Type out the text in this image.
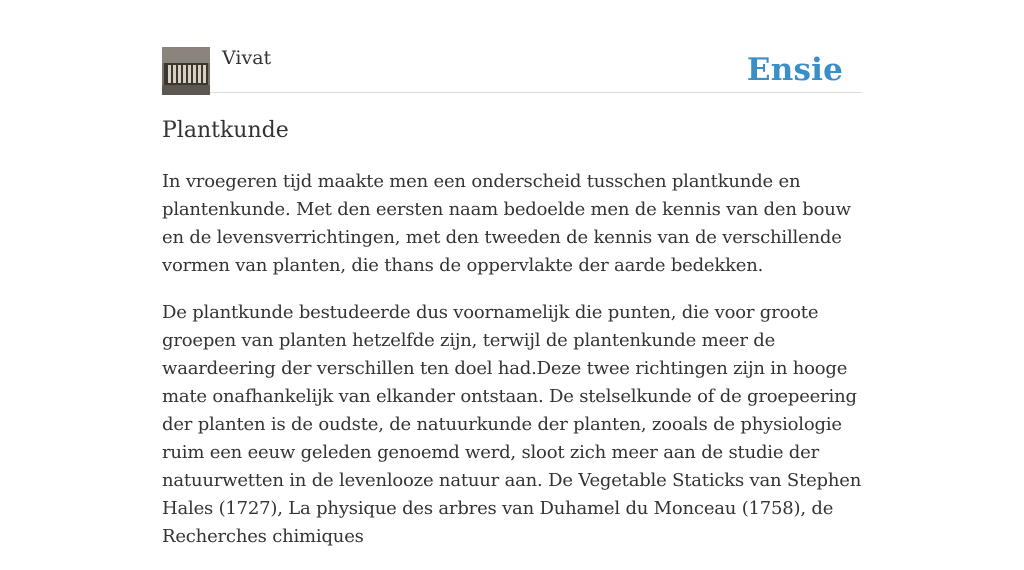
Vivat	Ensie
Plantkunde

In vroegeren tijd maakte men een onderscheid tusschen plantkunde en plantenkunde. Met den eersten naam bedoelde men de kennis van den bouw en de levensverrichtingen, met den tweeden de kennis van de verschillende vormen van planten, die thans de oppervlakte der aarde bedekken.

De plantkunde bestudeerde dus voornamelijk die punten, die voor groote groepen van planten hetzelfde zijn, terwijl de plantenkunde meer de waardeering der verschillen ten doel had.Deze twee richtingen zijn in hooge mate onafhankelijk van elkander ontstaan. De stelselkunde of de groepeering der planten is de oudste, de natuurkunde der planten, zooals de physiologie ruim een eeuw geleden genoemd werd, sloot zich meer aan de studie der natuurwetten in de levenlooze natuur aan. De Vegetable Staticks van Stephen Hales (1727), La physique des arbres van Duhamel du Monceau (1758), de Recherches chimiques
